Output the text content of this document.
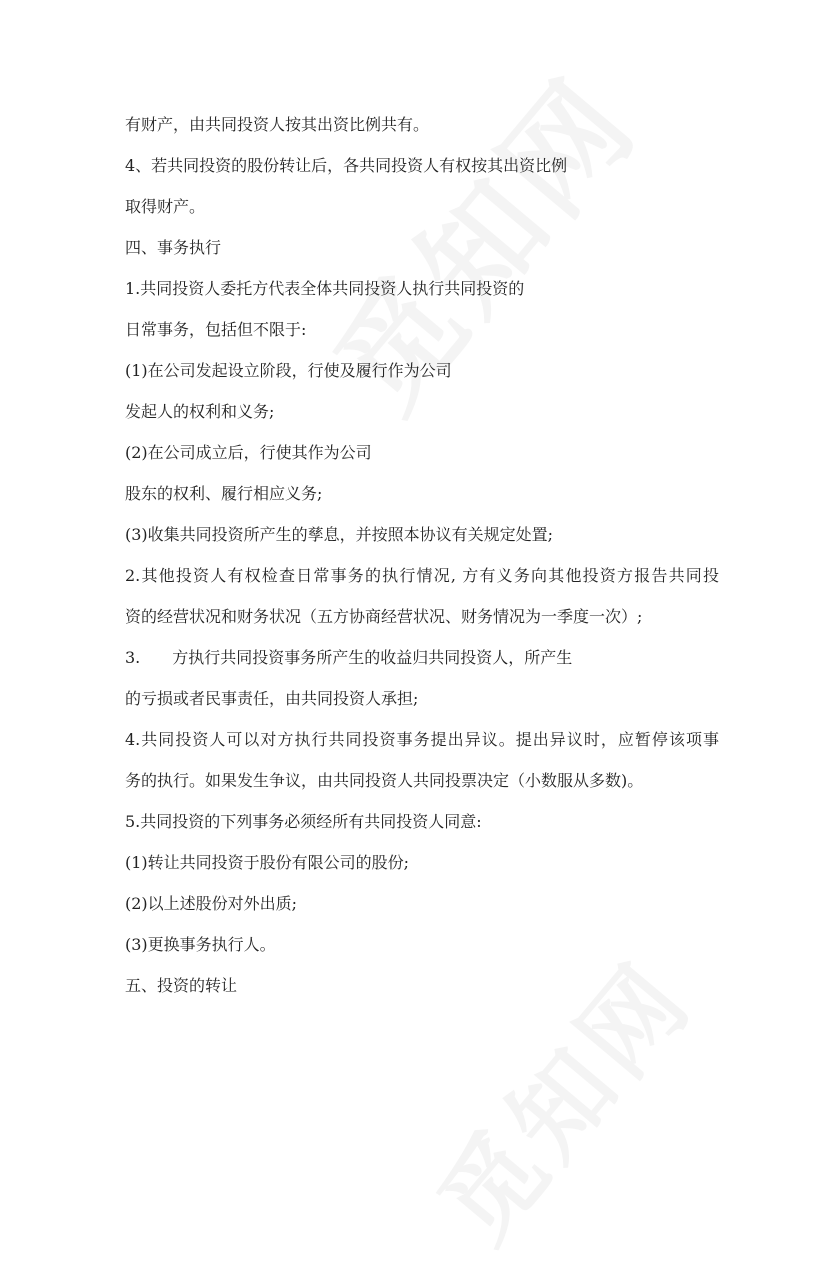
有财产，由共同投资人按其出资比例共有。
4、若共同投资的股份转让后，各共同投资人有权按其出资比例
取得财产。
四、事务执行
1.共同投资人委托方代表全体共同投资人执行共同投资的
日常事务，包括但不限于:
(1)在公司发起设立阶段，行使及履行作为公司
发起人的权利和义务;
(2)在公司成立后，行使其作为公司
股东的权利、履行相应义务;
(3)收集共同投资所产生的孳息，并按照本协议有关规定处置;
2.其他投资人有权检查日常事务的执行情况, 方有义务向其他投资方报告共同投
资的经营状况和财务状况（五方协商经营状况、财务情况为一季度一次）;
3.　　方执行共同投资事务所产生的收益归共同投资人，所产生
的亏损或者民事责任，由共同投资人承担;
4.共同投资人可以对方执行共同投资事务提出异议。提出异议时，应暂停该项事
务的执行。如果发生争议，由共同投资人共同投票决定（小数服从多数)。
5.共同投资的下列事务必须经所有共同投资人同意:
(1)转让共同投资于股份有限公司的股份;
(2)以上述股份对外出质;
(3)更换事务执行人。
五、投资的转让
